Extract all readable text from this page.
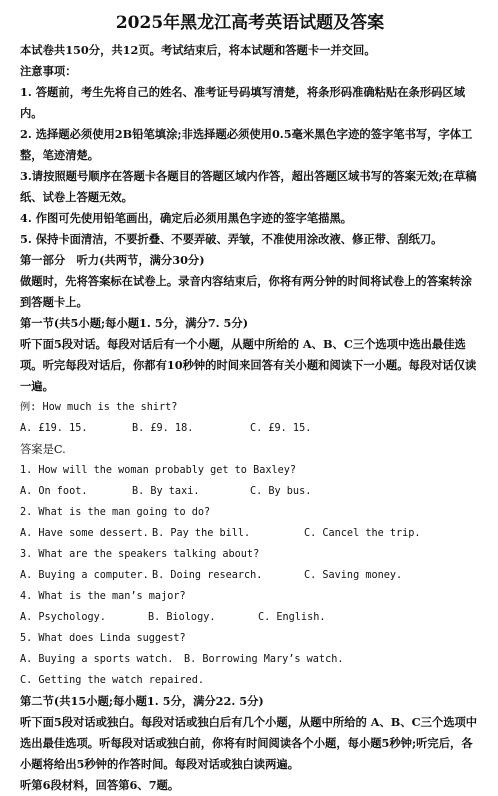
2025年黑龙江高考英语试题及答案

本试卷共150分，共12页。考试结束后，将本试题和答题卡一并交回。

注意事项：

1. 答题前，考生先将自己的姓名、准考证号码填写清楚，将条形码准确粘贴在条形码区域内。

2. 选择题必须使用2B铅笔填涂;非选择题必须使用0.5毫米黑色字迹的签字笔书写，字体工整，笔迹清楚。

3.请按照题号顺序在答题卡各题目的答题区域内作答，超出答题区域书写的答案无效;在草稿纸、试卷上答题无效。

4. 作图可先使用铅笔画出，确定后必须用黑色字迹的签字笔描黑。

5. 保持卡面清洁，不要折叠、不要弄破、弄皱，不准使用涂改液、修正带、刮纸刀。

第一部分　听力(共两节，满分30分)

做题时，先将答案标在试卷上。录音内容结束后，你将有两分钟的时间将试卷上的答案转涂到答题卡上。

第一节(共5小题;每小题1. 5分，满分7. 5分)

听下面5段对话。每段对话后有一个小题，从题中所给的 A、B、C三个选项中选出最佳选项。听完每段对话后，你都有10秒钟的时间来回答有关小题和阅读下一小题。每段对话仅读一遍。

例: How much is the shirt?

A. £19. 15.	B. £9. 18.	C. £9. 15.

答案是C.

1. How will the woman probably get to Baxley?

A. On foot.	B. By taxi.	C. By bus.

2. What is the man going to do?

A. Have some dessert. B. Pay the bill.	C. Cancel the trip.

3. What are the speakers talking about?

A. Buying a computer. B. Doing research.	C. Saving money.

4. What is the man’s major?

A. Psychology.	B. Biology.	C. English.

5. What does Linda suggest?

A. Buying a sports watch.	B. Borrowing Mary’s watch.
C. Getting the watch repaired.

第二节(共15小题;每小题1. 5分，满分22. 5分)

听下面5段对话或独白。每段对话或独白后有几个小题，从题中所给的 A、B、C三个选项中选出最佳选项。听每段对话或独白前，你将有时间阅读各个小题，每小题5秒钟;听完后，各小题将给出5秒钟的作答时间。每段对话或独白读两遍。

听第6段材料，回答第6、7题。
